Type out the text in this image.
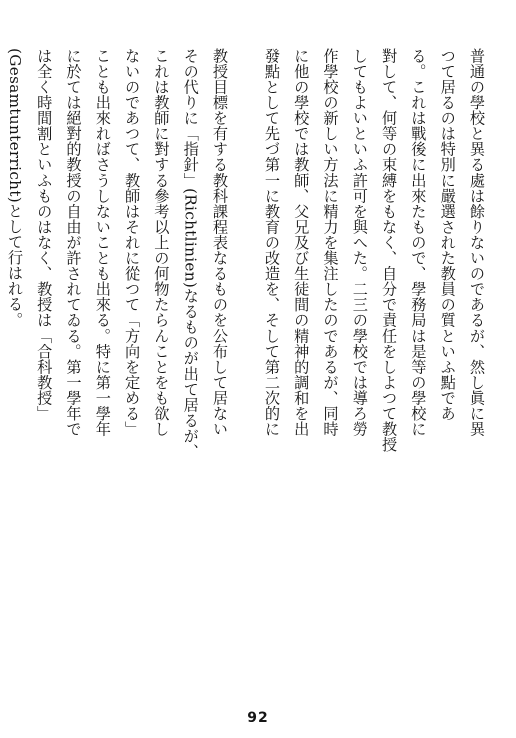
普通の學校と異る處は餘りないのであるが、然し眞に異
つて居るのは特別に嚴選された教員の質といふ點であ
る。これは戰後に出來たもので、學務局は是等の學校に
對して、何等の束縛をもなく、自分で責任をしよつて教授
してもよいといふ許可を與へた。二三の學校では導ろ勞
作學校の新しい方法に精力を集注したのであるが、同時
に他の學校では教師、父兄及び生徒間の精神的調和を出
發點として先づ第一に教育の改造を、そして第二次的に

教授目標を有する教科課程表なるものを公布して居ない
その代りに「指針」(Richtlinien)なるものが出て居るが、
これは教師に對する參考以上の何物たらんことをも欲し
ないのであつて、教師はそれに從つて「方向を定める」
ことも出來ればさうしないことも出來る。特に第一學年
に於ては絕對的教授の自由が許されてゐる。第一學年で
は全く時間割といふものはなく、教授は「合科教授」
(Gesamtunterricht)として行はれる。

92
